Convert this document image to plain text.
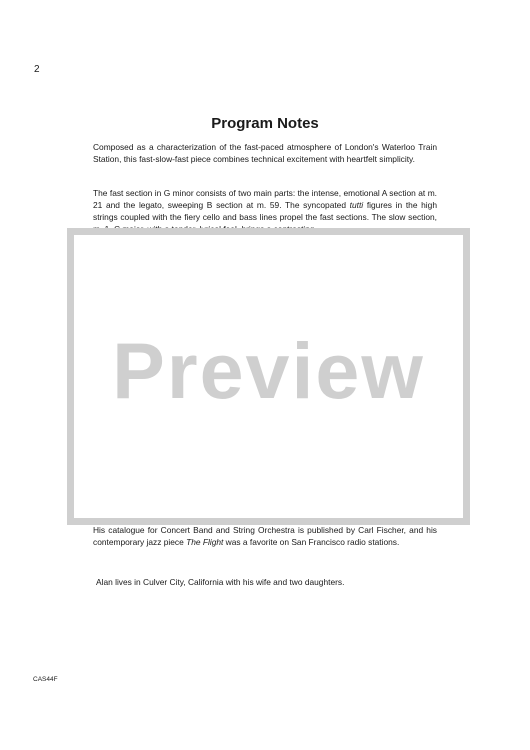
2
Program Notes

Composed as a characterization of the fast-paced atmosphere of London's Waterloo Train Station, this fast-slow-fast piece combines technical excitement with heartfelt simplicity.

The fast section in G minor consists of two main parts: the intense, emotional A section at m. 21 and the legato, sweeping B section at m. 59. The syncopated tutti figures in the high strings coupled with the fiery cello and bass lines propel the fast sections. The slow section,

His catalogue for Concert Band and String Orchestra is published by Carl Fischer, and his contemporary jazz piece The Flight was a favorite on San Francisco radio stations.

Alan lives in Culver City, California with his wife and two daughters.

Preview
CAS44F
